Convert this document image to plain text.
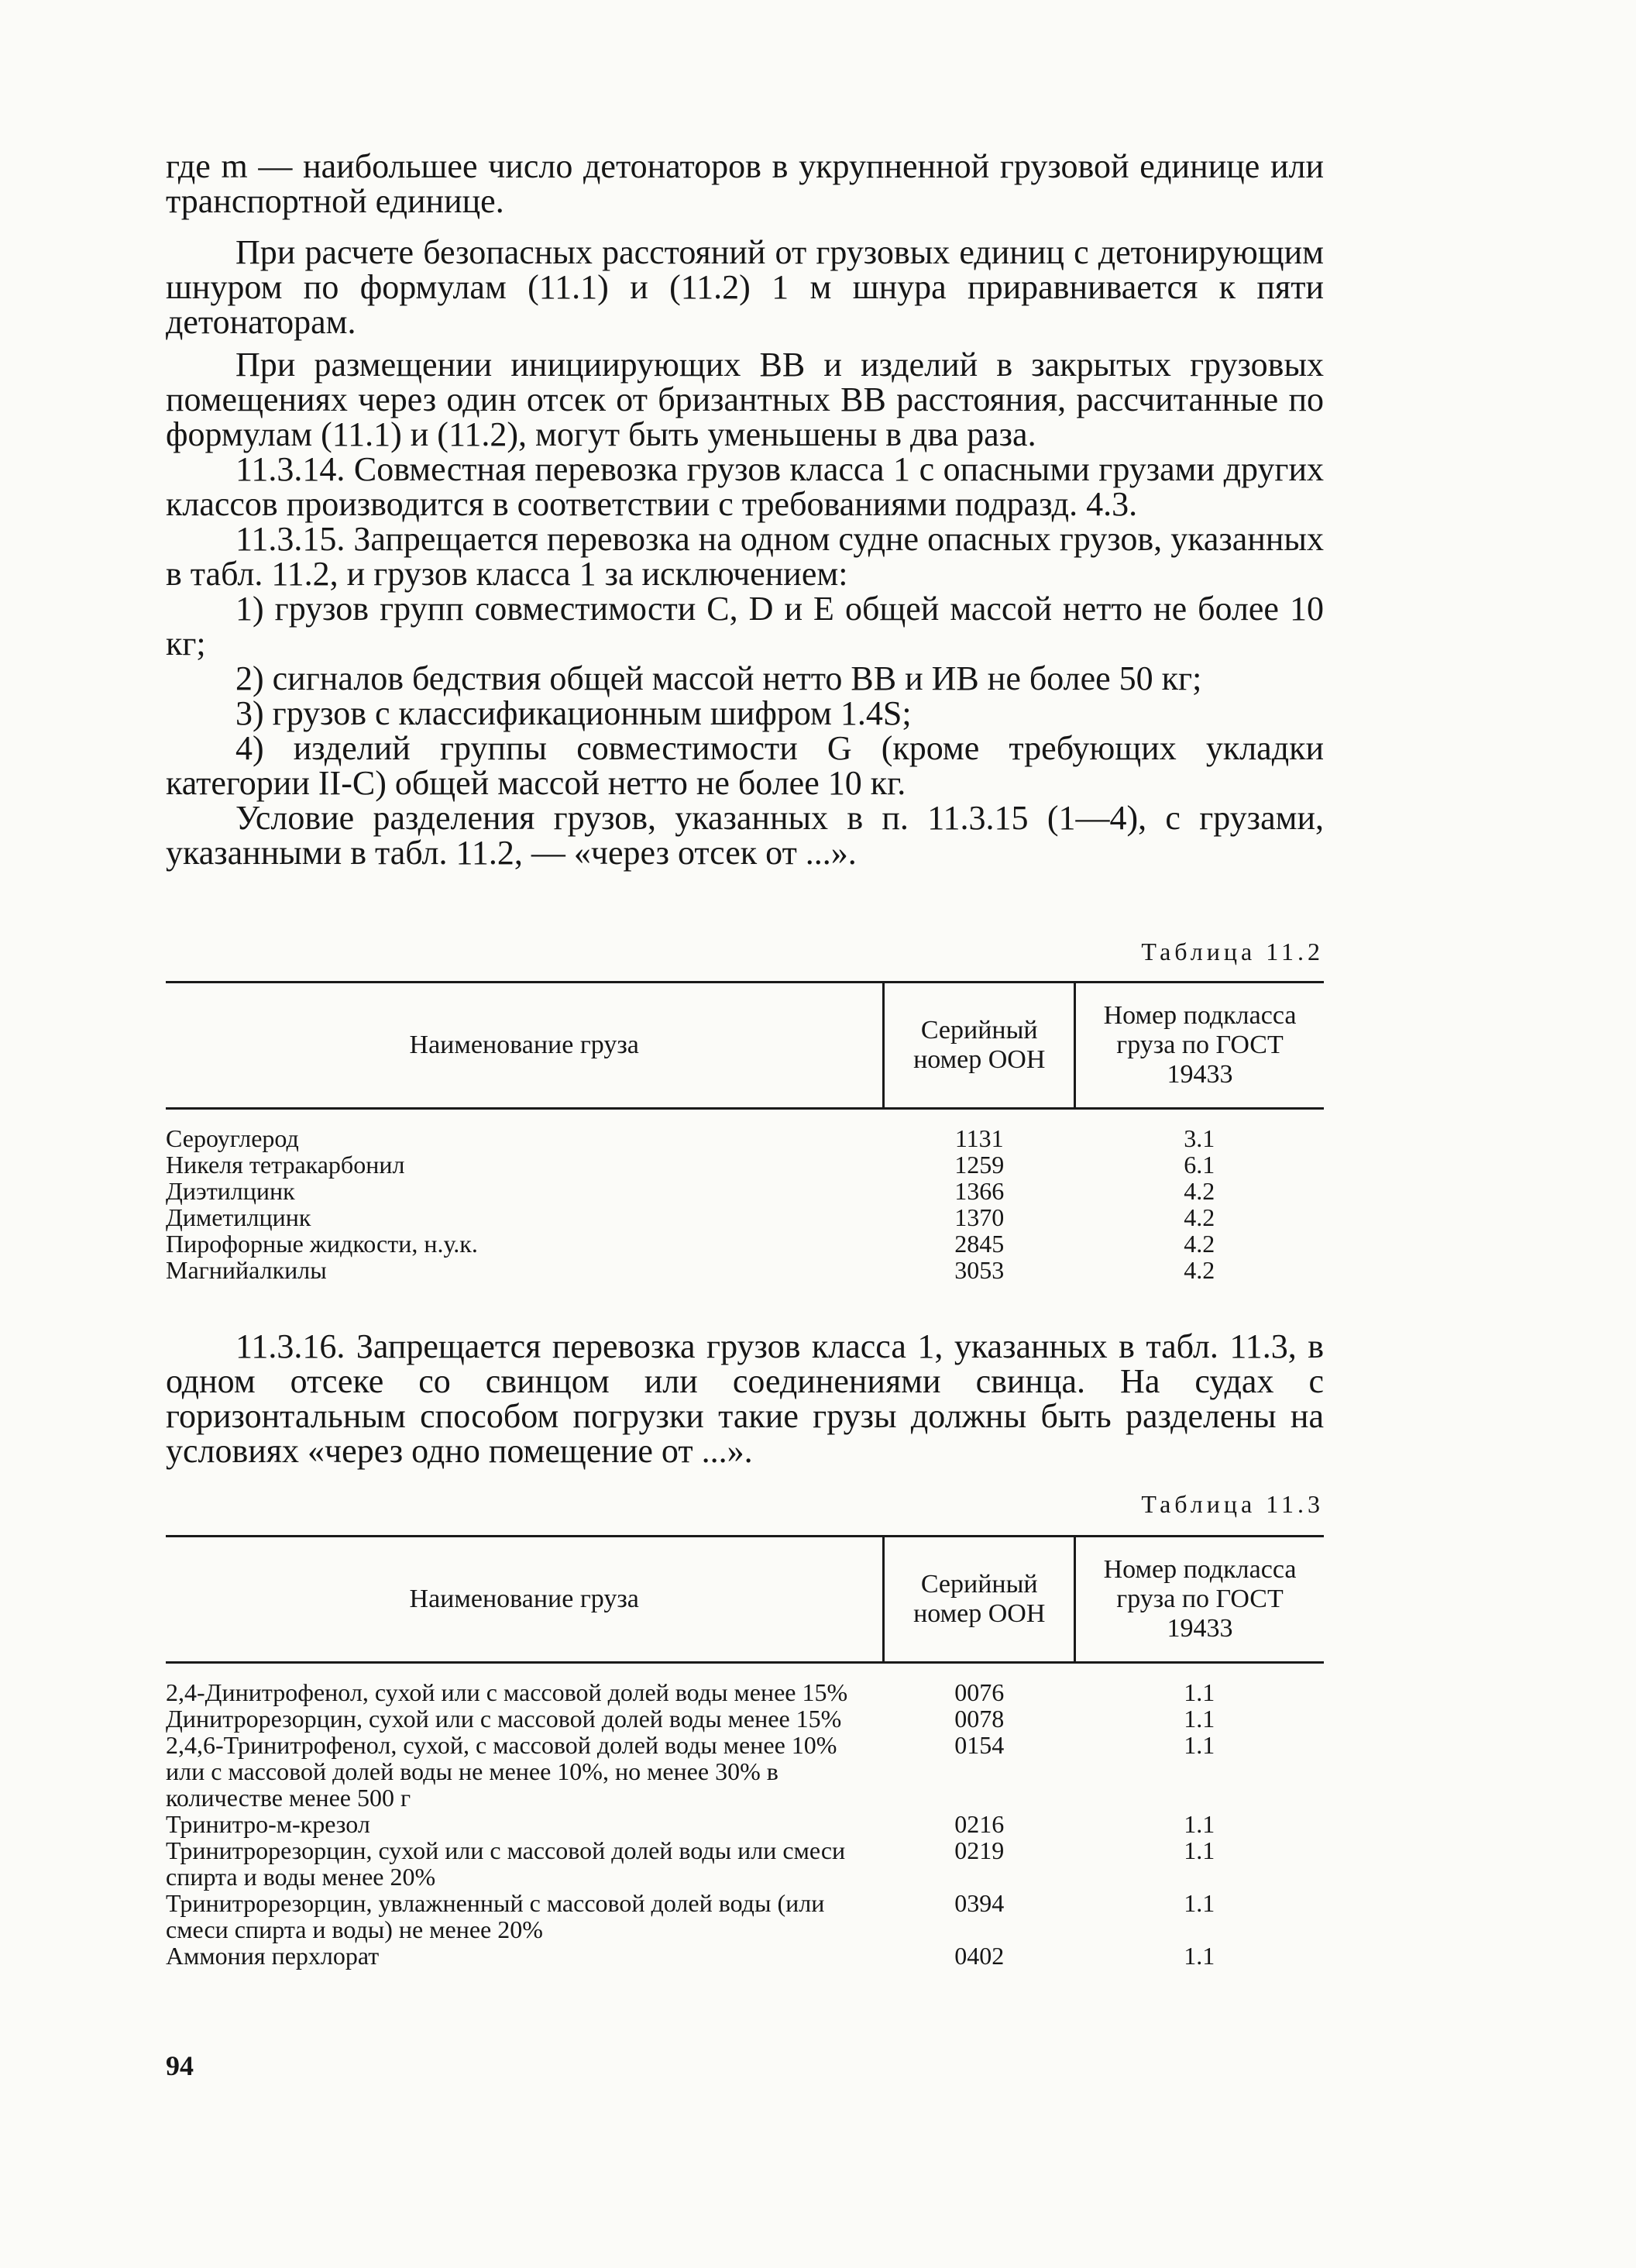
где m — наибольшее число детонаторов в укрупненной грузовой единице или транспортной единице.

При расчете безопасных расстояний от грузовых единиц с детонирующим шнуром по формулам (11.1) и (11.2) 1 м шнура приравнивается к пяти детонаторам.

При размещении инициирующих ВВ и изделий в закрытых грузовых помещениях через один отсек от бризантных ВВ расстояния, рассчитанные по формулам (11.1) и (11.2), могут быть уменьшены в два раза.

11.3.14. Совместная перевозка грузов класса 1 с опасными грузами других классов производится в соответствии с требованиями подразд. 4.3.

11.3.15. Запрещается перевозка на одном судне опасных грузов, указанных в табл. 11.2, и грузов класса 1 за исключением:

1) грузов групп совместимости C, D и E общей массой нетто не более 10 кг;

2) сигналов бедствия общей массой нетто ВВ и ИВ не более 50 кг;

3) грузов с классификационным шифром 1.4S;

4) изделий группы совместимости G (кроме требующих укладки категории II-C) общей массой нетто не более 10 кг.

Условие разделения грузов, указанных в п. 11.3.15 (1—4), с грузами, указанными в табл. 11.2, — «через отсек от ...».

Таблица 11.2
Наименование груза	Серийный номер ООН	Номер подкласса груза по ГОСТ 19433

Сероуглерод	1131	3.1
Никеля тетракарбонил	1259	6.1
Диэтилцинк	1366	4.2
Диметилцинк	1370	4.2
Пирофорные жидкости, н.у.к.	2845	4.2
Магнийалкилы	3053	4.2

11.3.16. Запрещается перевозка грузов класса 1, указанных в табл. 11.3, в одном отсеке со свинцом или соединениями свинца. На судах с горизонтальным способом погрузки такие грузы должны быть разделены на условиях «через одно помещение от ...».

Таблица 11.3
Наименование груза	Серийный номер ООН	Номер подкласса груза по ГОСТ 19433

2,4-Динитрофенол, сухой или с массовой долей воды менее 15%	0076	1.1
Динитрорезорцин, сухой или с массовой долей воды менее 15%	0078	1.1
2,4,6-Тринитрофенол, сухой, с массовой долей воды менее 10% или с массовой долей воды не менее 10%, но менее 30% в количестве менее 500 г	0154	1.1
Тринитро-м-крезол	0216	1.1
Тринитрорезорцин, сухой или с массовой долей воды или смеси спирта и воды менее 20%	0219	1.1
Тринитрорезорцин, увлажненный с массовой долей воды (или смеси спирта и воды) не менее 20%	0394	1.1
Аммония перхлорат	0402	1.1
94
